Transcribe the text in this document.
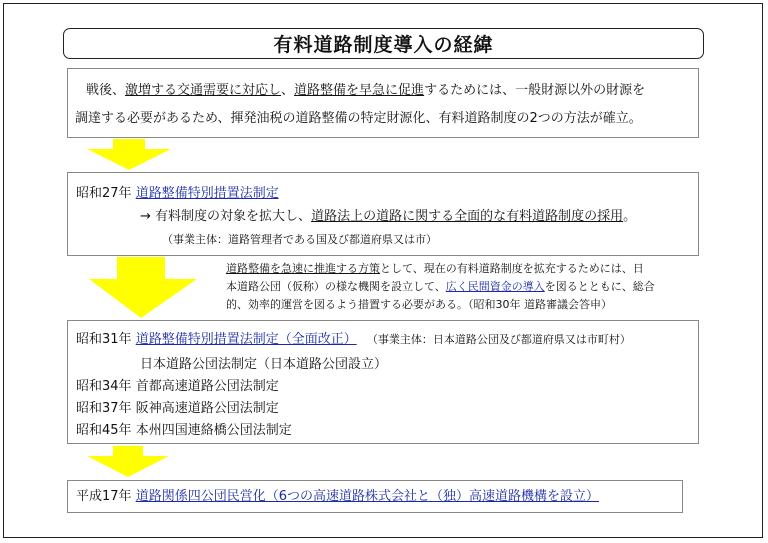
有料道路制度導入の経緯
戦後、激増する交通需要に対応し、道路整備を早急に促進するためには、一般財源以外の財源を
調達する必要があるため、揮発油税の道路整備の特定財源化、有料道路制度の2つの方法が確立。
昭和27年 道路整備特別措置法制定
→ 有料制度の対象を拡大し、道路法上の道路に関する全面的な有料道路制度の採用。
（事業主体：道路管理者である国及び都道府県又は市）
道路整備を急速に推進する方策として、現在の有料道路制度を拡充するためには、日
本道路公団（仮称）の様な機関を設立して、広く民間資金の導入を図るとともに、総合
的、効率的運営を図るよう措置する必要がある。（昭和30年 道路審議会答申）
昭和31年 道路整備特別措置法制定（全面改正） （事業主体：日本道路公団及び都道府県又は市町村）
日本道路公団法制定（日本道路公団設立）
昭和34年 首都高速道路公団法制定
昭和37年 阪神高速道路公団法制定
昭和45年 本州四国連絡橋公団法制定
平成17年 道路関係四公団民営化（6つの高速道路株式会社と（独）高速道路機構を設立）
